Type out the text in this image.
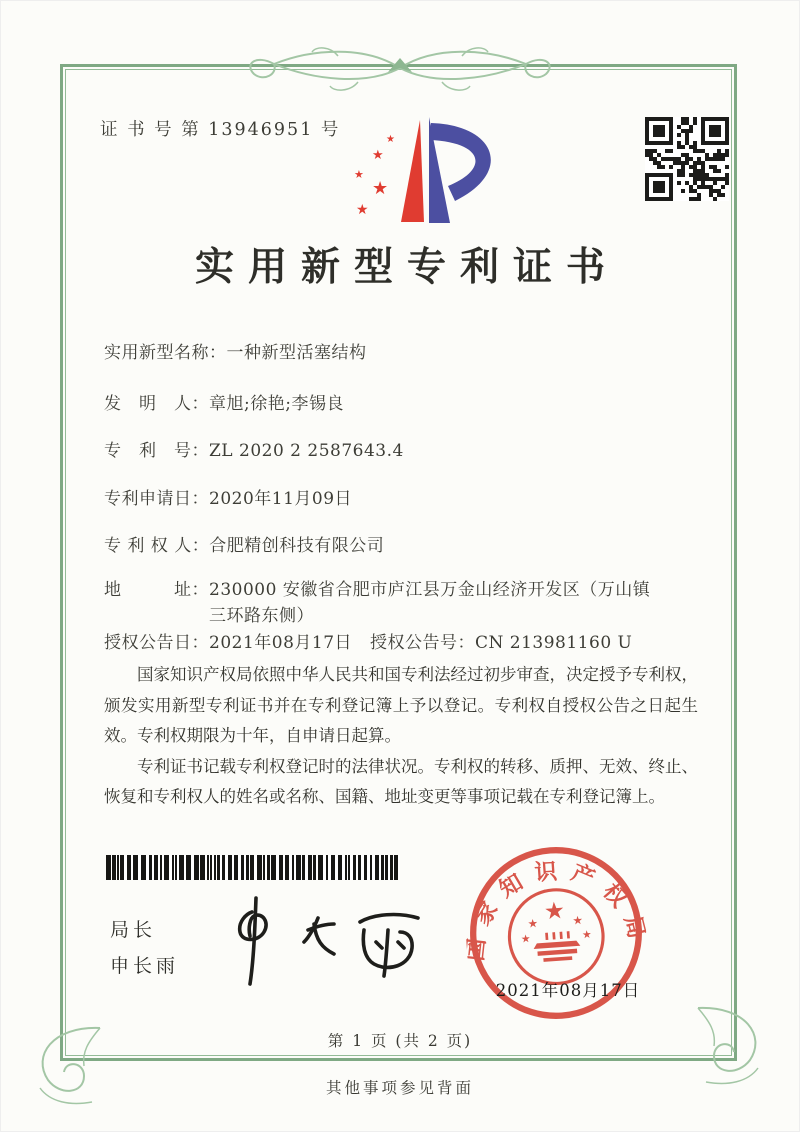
证 书 号 第 13946951 号	★
★
★
★
★
实用新型专利证书
实用新型名称： 一种新型活塞结构
发　明　人： 章旭;徐艳;李锡良
专　利　号： ZL 2020 2 2587643.4
专利申请日： 2020年11月09日
专 利 权 人： 合肥精创科技有限公司
地　　　址： 230000 安徽省合肥市庐江县万金山经济开发区（万山镇三环路东侧）
授权公告日： 2021年08月17日 授权公告号： CN 213981160 U

国家知识产权局依照中华人民共和国专利法经过初步审查，决定授予专利权，颁发实用新型专利证书并在专利登记簿上予以登记。专利权自授权公告之日起生效。专利权期限为十年，自申请日起算。

专利证书记载专利权登记时的法律状况。专利权的转移、质押、无效、终止、恢复和专利权人的姓名或名称、国籍、地址变更等事项记载在专利登记簿上。

局长
申长雨
国家知识产权局
★
★	★
★	★
2021年08月17日
第 1 页 (共 2 页)
其他事项参见背面
